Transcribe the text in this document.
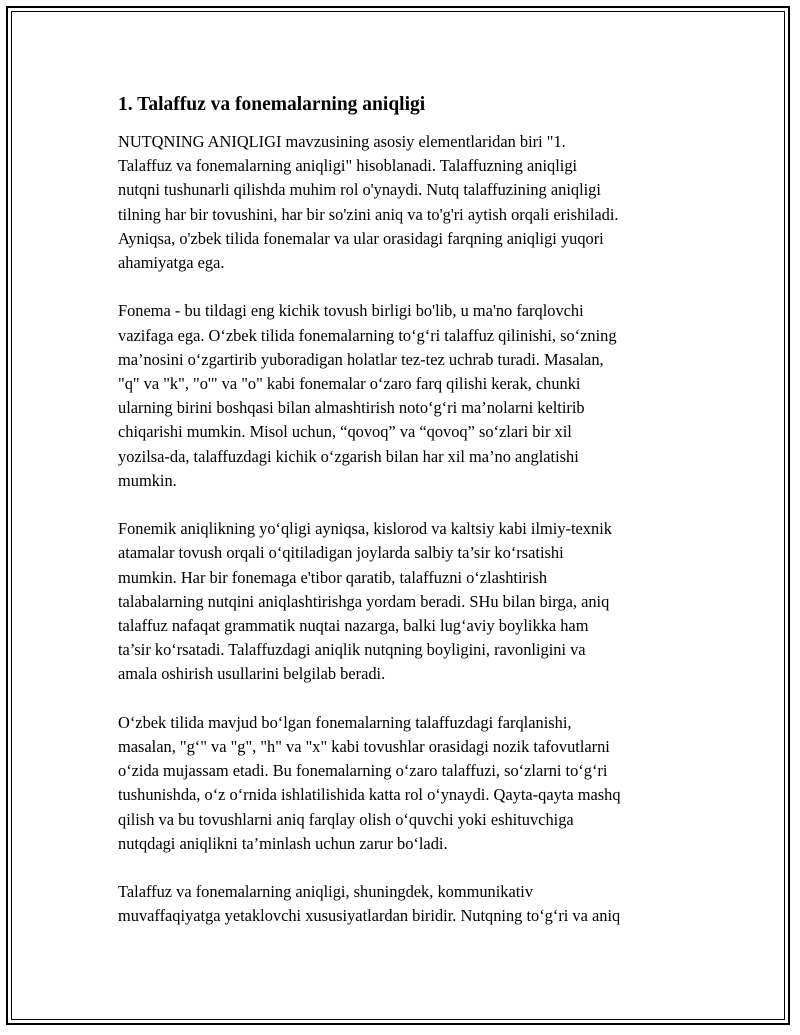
1. Talaffuz va fonemalarning aniqligi

NUTQNING ANIQLIGI mavzusining asosiy elementlaridan biri "1.
Talaffuz va fonemalarning aniqligi" hisoblanadi. Talaffuzning aniqligi
nutqni tushunarli qilishda muhim rol o'ynaydi. Nutq talaffuzining aniqligi
tilning har bir tovushini, har bir so'zini aniq va to'g'ri aytish orqali erishiladi.
Ayniqsa, o'zbek tilida fonemalar va ular orasidagi farqning aniqligi yuqori
ahamiyatga ega.

Fonema - bu tildagi eng kichik tovush birligi bo'lib, u ma'no farqlovchi
vazifaga ega. O‘zbek tilida fonemalarning to‘g‘ri talaffuz qilinishi, so‘zning
ma’nosini o‘zgartirib yuboradigan holatlar tez-tez uchrab turadi. Masalan,
"q" va "k", "o'" va "o" kabi fonemalar o‘zaro farq qilishi kerak, chunki
ularning birini boshqasi bilan almashtirish noto‘g‘ri ma’nolarni keltirib
chiqarishi mumkin. Misol uchun, “qovoq” va “qovoq” so‘zlari bir xil
yozilsa-da, talaffuzdagi kichik o‘zgarish bilan har xil ma’no anglatishi
mumkin.

Fonemik aniqlikning yo‘qligi ayniqsa, kislorod va kaltsiy kabi ilmiy-texnik
atamalar tovush orqali o‘qitiladigan joylarda salbiy ta’sir ko‘rsatishi
mumkin. Har bir fonemaga e'tibor qaratib, talaffuzni o‘zlashtirish
talabalarning nutqini aniqlashtirishga yordam beradi. SHu bilan birga, aniq
talaffuz nafaqat grammatik nuqtai nazarga, balki lug‘aviy boylikka ham
ta’sir ko‘rsatadi. Talaffuzdagi aniqlik nutqning boyligini, ravonligini va
amala oshirish usullarini belgilab beradi.

O‘zbek tilida mavjud bo‘lgan fonemalarning talaffuzdagi farqlanishi,
masalan, "g‘" va "g", "h" va "x" kabi tovushlar orasidagi nozik tafovutlarni
o‘zida mujassam etadi. Bu fonemalarning o‘zaro talaffuzi, so‘zlarni to‘g‘ri
tushunishda, o‘z o‘rnida ishlatilishida katta rol o‘ynaydi. Qayta-qayta mashq
qilish va bu tovushlarni aniq farqlay olish o‘quvchi yoki eshituvchiga
nutqdagi aniqlikni ta’minlash uchun zarur bo‘ladi.

Talaffuz va fonemalarning aniqligi, shuningdek, kommunikativ
muvaffaqiyatga yetaklovchi xususiyatlardan biridir. Nutqning to‘g‘ri va aniq
